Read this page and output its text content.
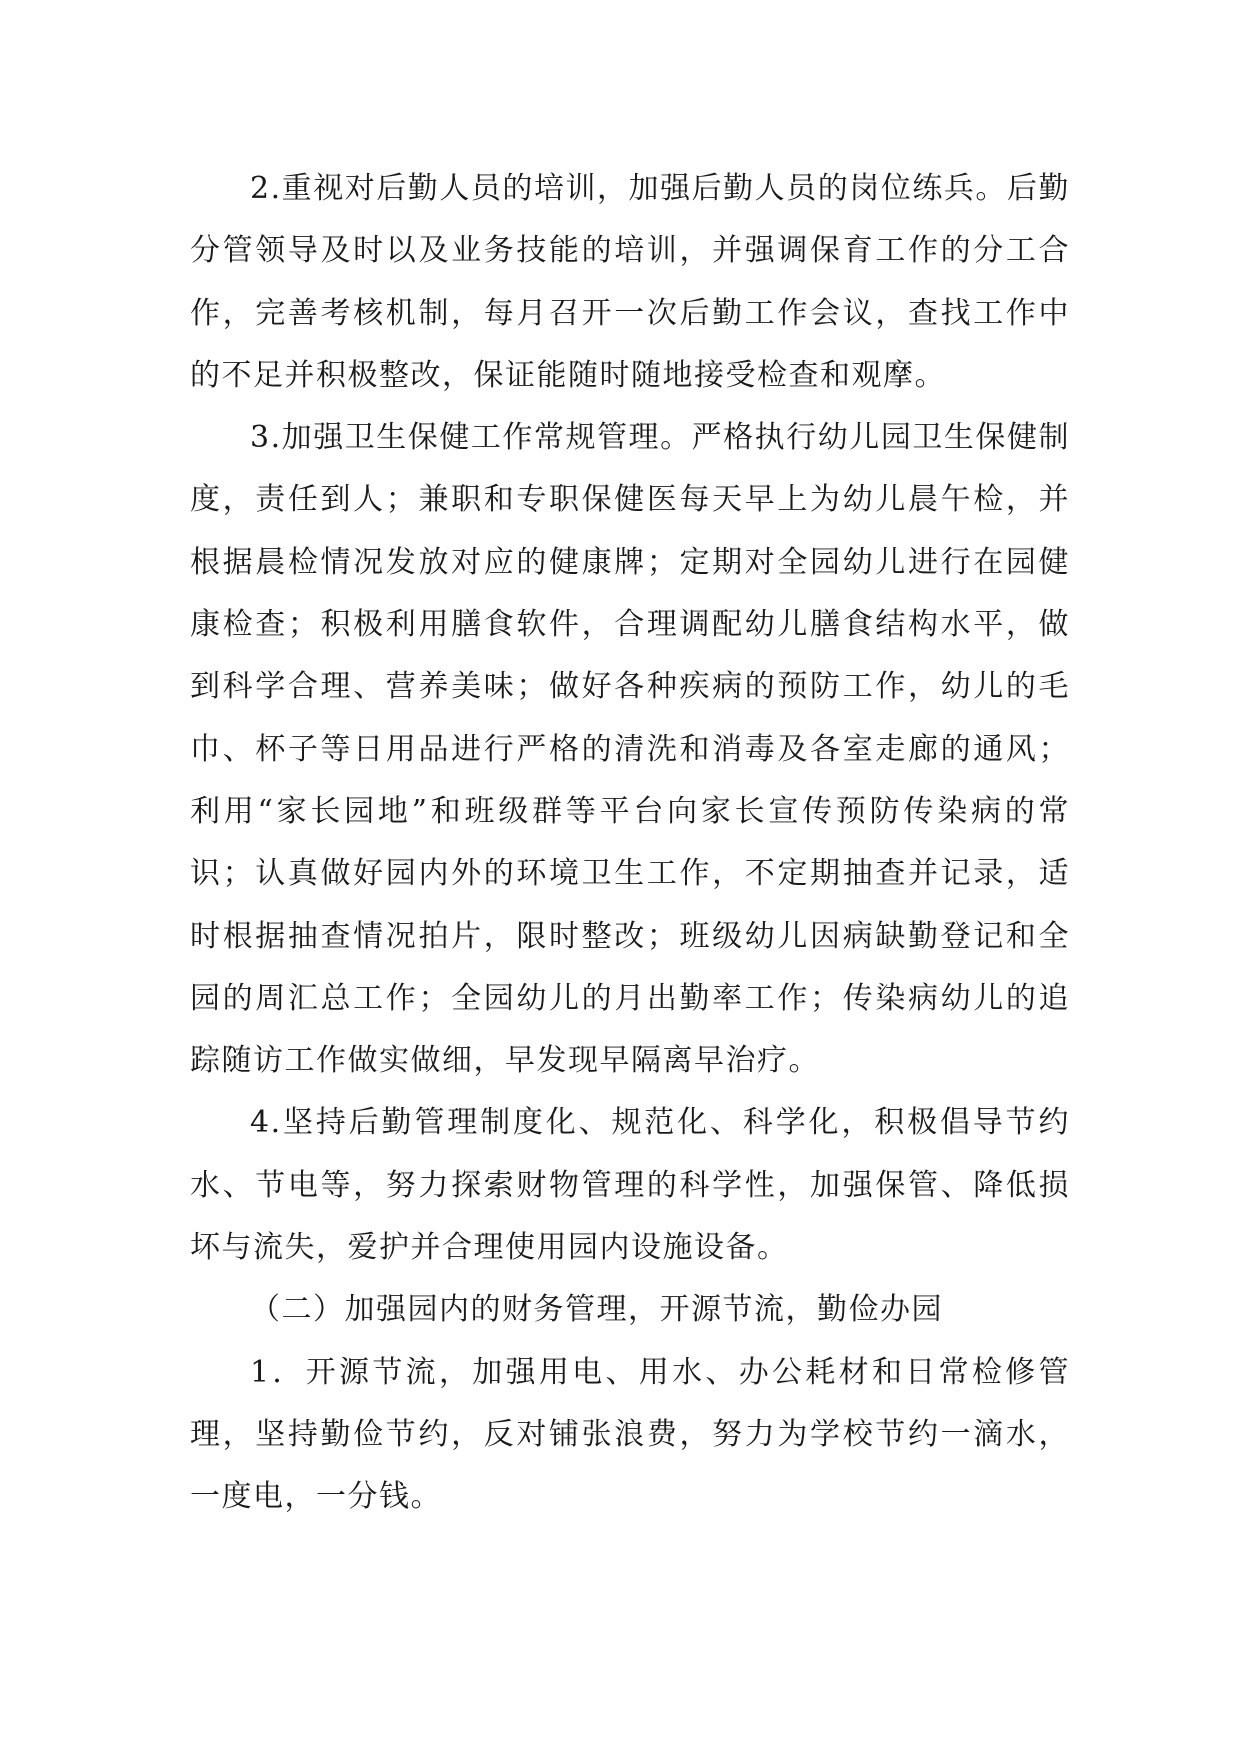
2.重视对后勤人员的培训，加强后勤人员的岗位练兵。后勤分管领导及时以及业务技能的培训，并强调保育工作的分工合作，完善考核机制，每月召开一次后勤工作会议，查找工作中的不足并积极整改，保证能随时随地接受检查和观摩。

3.加强卫生保健工作常规管理。严格执行幼儿园卫生保健制度，责任到人；兼职和专职保健医每天早上为幼儿晨午检，并根据晨检情况发放对应的健康牌；定期对全园幼儿进行在园健康检查；积极利用膳食软件，合理调配幼儿膳食结构水平，做到科学合理、营养美味；做好各种疾病的预防工作，幼儿的毛巾、杯子等日用品进行严格的清洗和消毒及各室走廊的通风；利用“家长园地”和班级群等平台向家长宣传预防传染病的常识；认真做好园内外的环境卫生工作，不定期抽查并记录，适时根据抽查情况拍片，限时整改；班级幼儿因病缺勤登记和全园的周汇总工作；全园幼儿的月出勤率工作；传染病幼儿的追踪随访工作做实做细，早发现早隔离早治疗。

4.坚持后勤管理制度化、规范化、科学化，积极倡导节约水、节电等，努力探索财物管理的科学性，加强保管、降低损坏与流失，爱护并合理使用园内设施设备。

（二）加强园内的财务管理，开源节流，勤俭办园

1．开源节流，加强用电、用水、办公耗材和日常检修管理，坚持勤俭节约，反对铺张浪费，努力为学校节约一滴水，一度电，一分钱。
